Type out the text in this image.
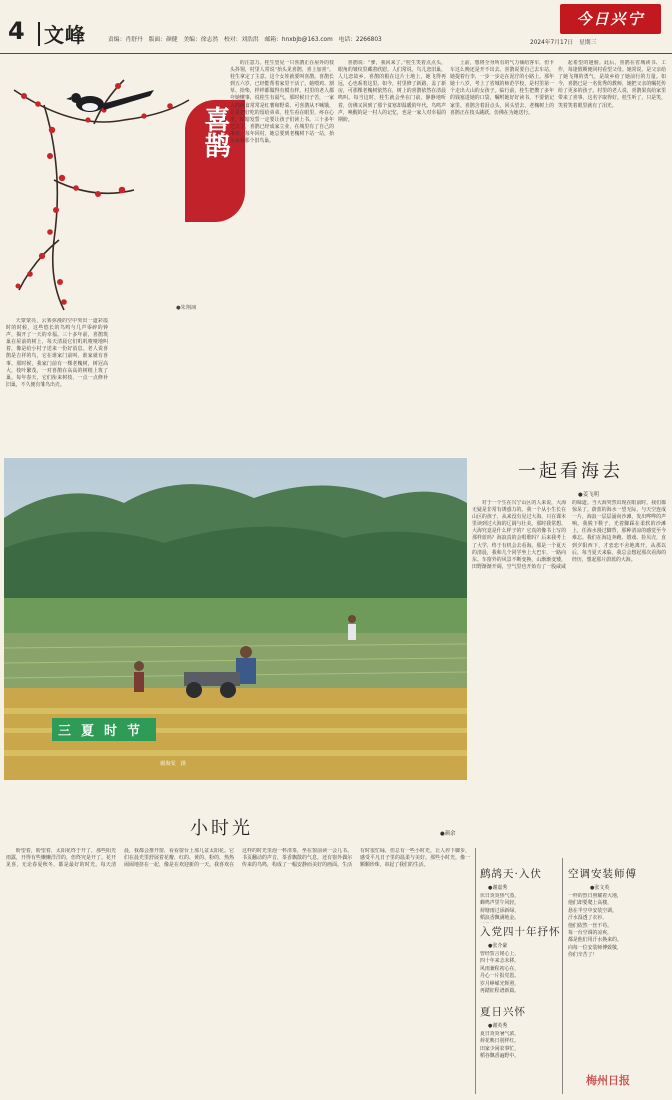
4 文峰	责编：肖舒丹　版面：颜健　美编：徐志然　校对：刘浩洪　邮箱：hnxbjb@163.com　电话：2266803
今日兴宁
2024年7月17日　星期三
喜鹊
●朱翔翊

天蒙蒙亮，云雾弥漫的空中突出一道彩霞时的时候，这些悠长的鸟鸣与几声零碎的钟声，揭开了一天的幸福。三十多年前，喜鹊筑巢在屋前的树上，每天清晨它们叽叽喳喳地叫着，像是给小村子送来一份好消息。老人说喜鹊是吉祥的鸟，它在谁家门前叫，谁家就有喜事。那时候，我家门前有一棵老槐树，树冠高大，枝叶繁茂，一对喜鹊在高高的树梢上筑了巢。每年春天，它们衔来树枝，一点一点修补旧巢，不久便有雏鸟出壳。

的注意力。桂生望见一只喜鹊正在屋外的枝头抖翎，村里人常说“抬头见喜鹊，喜上加喜”。桂生拿定了主意，这个女娃就要叫喜鹊。喜鹊长到五六岁，已经能帮着家里干活了。她喂鸡、割草、拾柴，样样都做得有模有样。村里的老人都夸她懂事，说桂生有福气。那时候日子苦，一家人的饭食常常是红薯和野菜，可喜鹊从不喊饿，总是把好吃的留给弟弟。桂生看在眼里，疼在心里，暗暗发誓一定要让孩子们读上书。三十多年过去了，喜鹊已经成家立业，在城里有了自己的事业。每年回村，她总要到老槐树下站一站，抬头看看那个旧鸟巢。

喜鹊说：“爹，我回来了。”桂生笑着点点头，眼角的皱纹里藏着欣慰。人们常说，鸟儿恋旧巢，人儿恋故乡。喜鹊的根在这片土地上，她飞得再远，心也系着这里。如今，村里修了新路，盖了新房，可那棵老槐树依然在，树上的喜鹊依然在清晨鸣叫。每当这时，桂生就会坐在门前，静静地听着，仿佛又回到了那个贫寒却温暖的年代。鸟鸣声声，唤醒的是一村人的记忆，也是一家人对幸福的期盼。

上前，想将全身所有的气力倾给客车，但卡车这么晚还是开不出去。喜鹊说要自己去车站，她提着行李，一步一步走在泥泞的小路上。那年她十八岁，考上了省城的师范学校，是村里第一个走出大山的女孩子。临行前，桂生把攒了多年的钱塞进她的口袋，嘱咐她好好读书，不要惦记家里。喜鹊含着泪点头，回头望去，老槐树上的喜鹊正在枝头跳跃，仿佛在为她送行。

起希望的翅膀。此后，喜鹊在省城读书、工作，每逢假期便回村看望父母。她常说，是父亲给了她飞翔的勇气，是故乡给了她前行的力量。如今，喜鹊已是一名优秀的教师，她把父亲的嘱托传给了更多的孩子。村里的老人说，喜鹊果真给家里带来了喜事，这名字取得好。桂生听了，只是笑，笑着笑着眼里就有了泪光。

三夏时节
谢海雯　摄
一起看海去
●姜飞明

对于一个生在兴宁山区的人来说，大海无疑是非常有诱惑力的。我一个从小生长在山区的孩子，从来没有见过大海，只在课本里读到过大海的辽阔与壮美。那时我常想，大海究竟是什么样子的？它真的像书上写的那样蓝吗？海浪真的会唱歌吗？后来我考上了大学，终于有机会去看海。那是一个夏天的清晨，我和几个同学坐上大巴车，一路向东。车窗外的风景不断变换，山渐渐变矮，田野渐渐开阔，空气里也开始有了一股咸咸的味道。当大海突然出现在眼前时，我们都惊呆了。蔚蓝的海水一望无际，与天空连成一片，海浪一层层涌向沙滩，发出哗哗的声响。我脱下鞋子，光着脚踩在柔软的沙滩上，任海水漫过脚背，那种清凉的感觉至今难忘。我们在海边奔跑、嬉戏、捡贝壳，直到夕阳西下，才恋恋不舍地离开。从那以后，每当夏天来临，我总会想起那次看海的经历，想起那片蔚蓝的大海。

小时光	●颜余

盼望着，盼望着，太阳花终于开了，那些阳光雨露，开得有些懒懒洋洋的，但终究是开了。花开见喜，无论春夏秋冬，都是最好的时光。每天清晨，我都会推开窗，看看窗台上那几盆太阳花。它们在晨光里舒展着花瓣，红的、黄的、粉的，热热闹闹地挤在一起，像是在欢迎新的一天。我喜欢在这样的时光里泡一杯清茶，坐在窗前读一会儿书。书页翻动的声音，茶香飘散的气息，还有窗外偶尔传来的鸟鸣，构成了一幅安静而美好的画面。生活有时很忙碌，但总有一些小时光，让人停下脚步，感受平凡日子里的温柔与美好。那些小时光，像一颗颗珍珠，串起了我们的生活。

鹧鸪天·入伏
●谢嘉秀
伏日炎炎热气蒸，
蝉鸣声里午风轻。
荷塘雨过添新绿，
稻浪香飘满地金。
入党四十年抒怀
●张介豪
曾经誓言铭心上，
四十年来志未移。
风雨兼程初心在，
丹心一片报党恩。
岁月峥嵘光辉照，
再踏征程谱新篇。
夏日兴怀
●谢英秀
夏日炎炎暑气浓，
荷花映日别样红。
田家少闲农事忙，
稻谷飘香遍野中。
空调安装师傅
●张文英
一样的烈日照耀着大地，
他们却要爬上高楼，
悬在半空中安装空调。
汗水湿透了衣衫，
他们依然一丝不苟。
每一台空调的凉爽，
都是他们用汗水换来的。
向每一位安装师傅致敬，
你们辛苦了！
梅州日报
